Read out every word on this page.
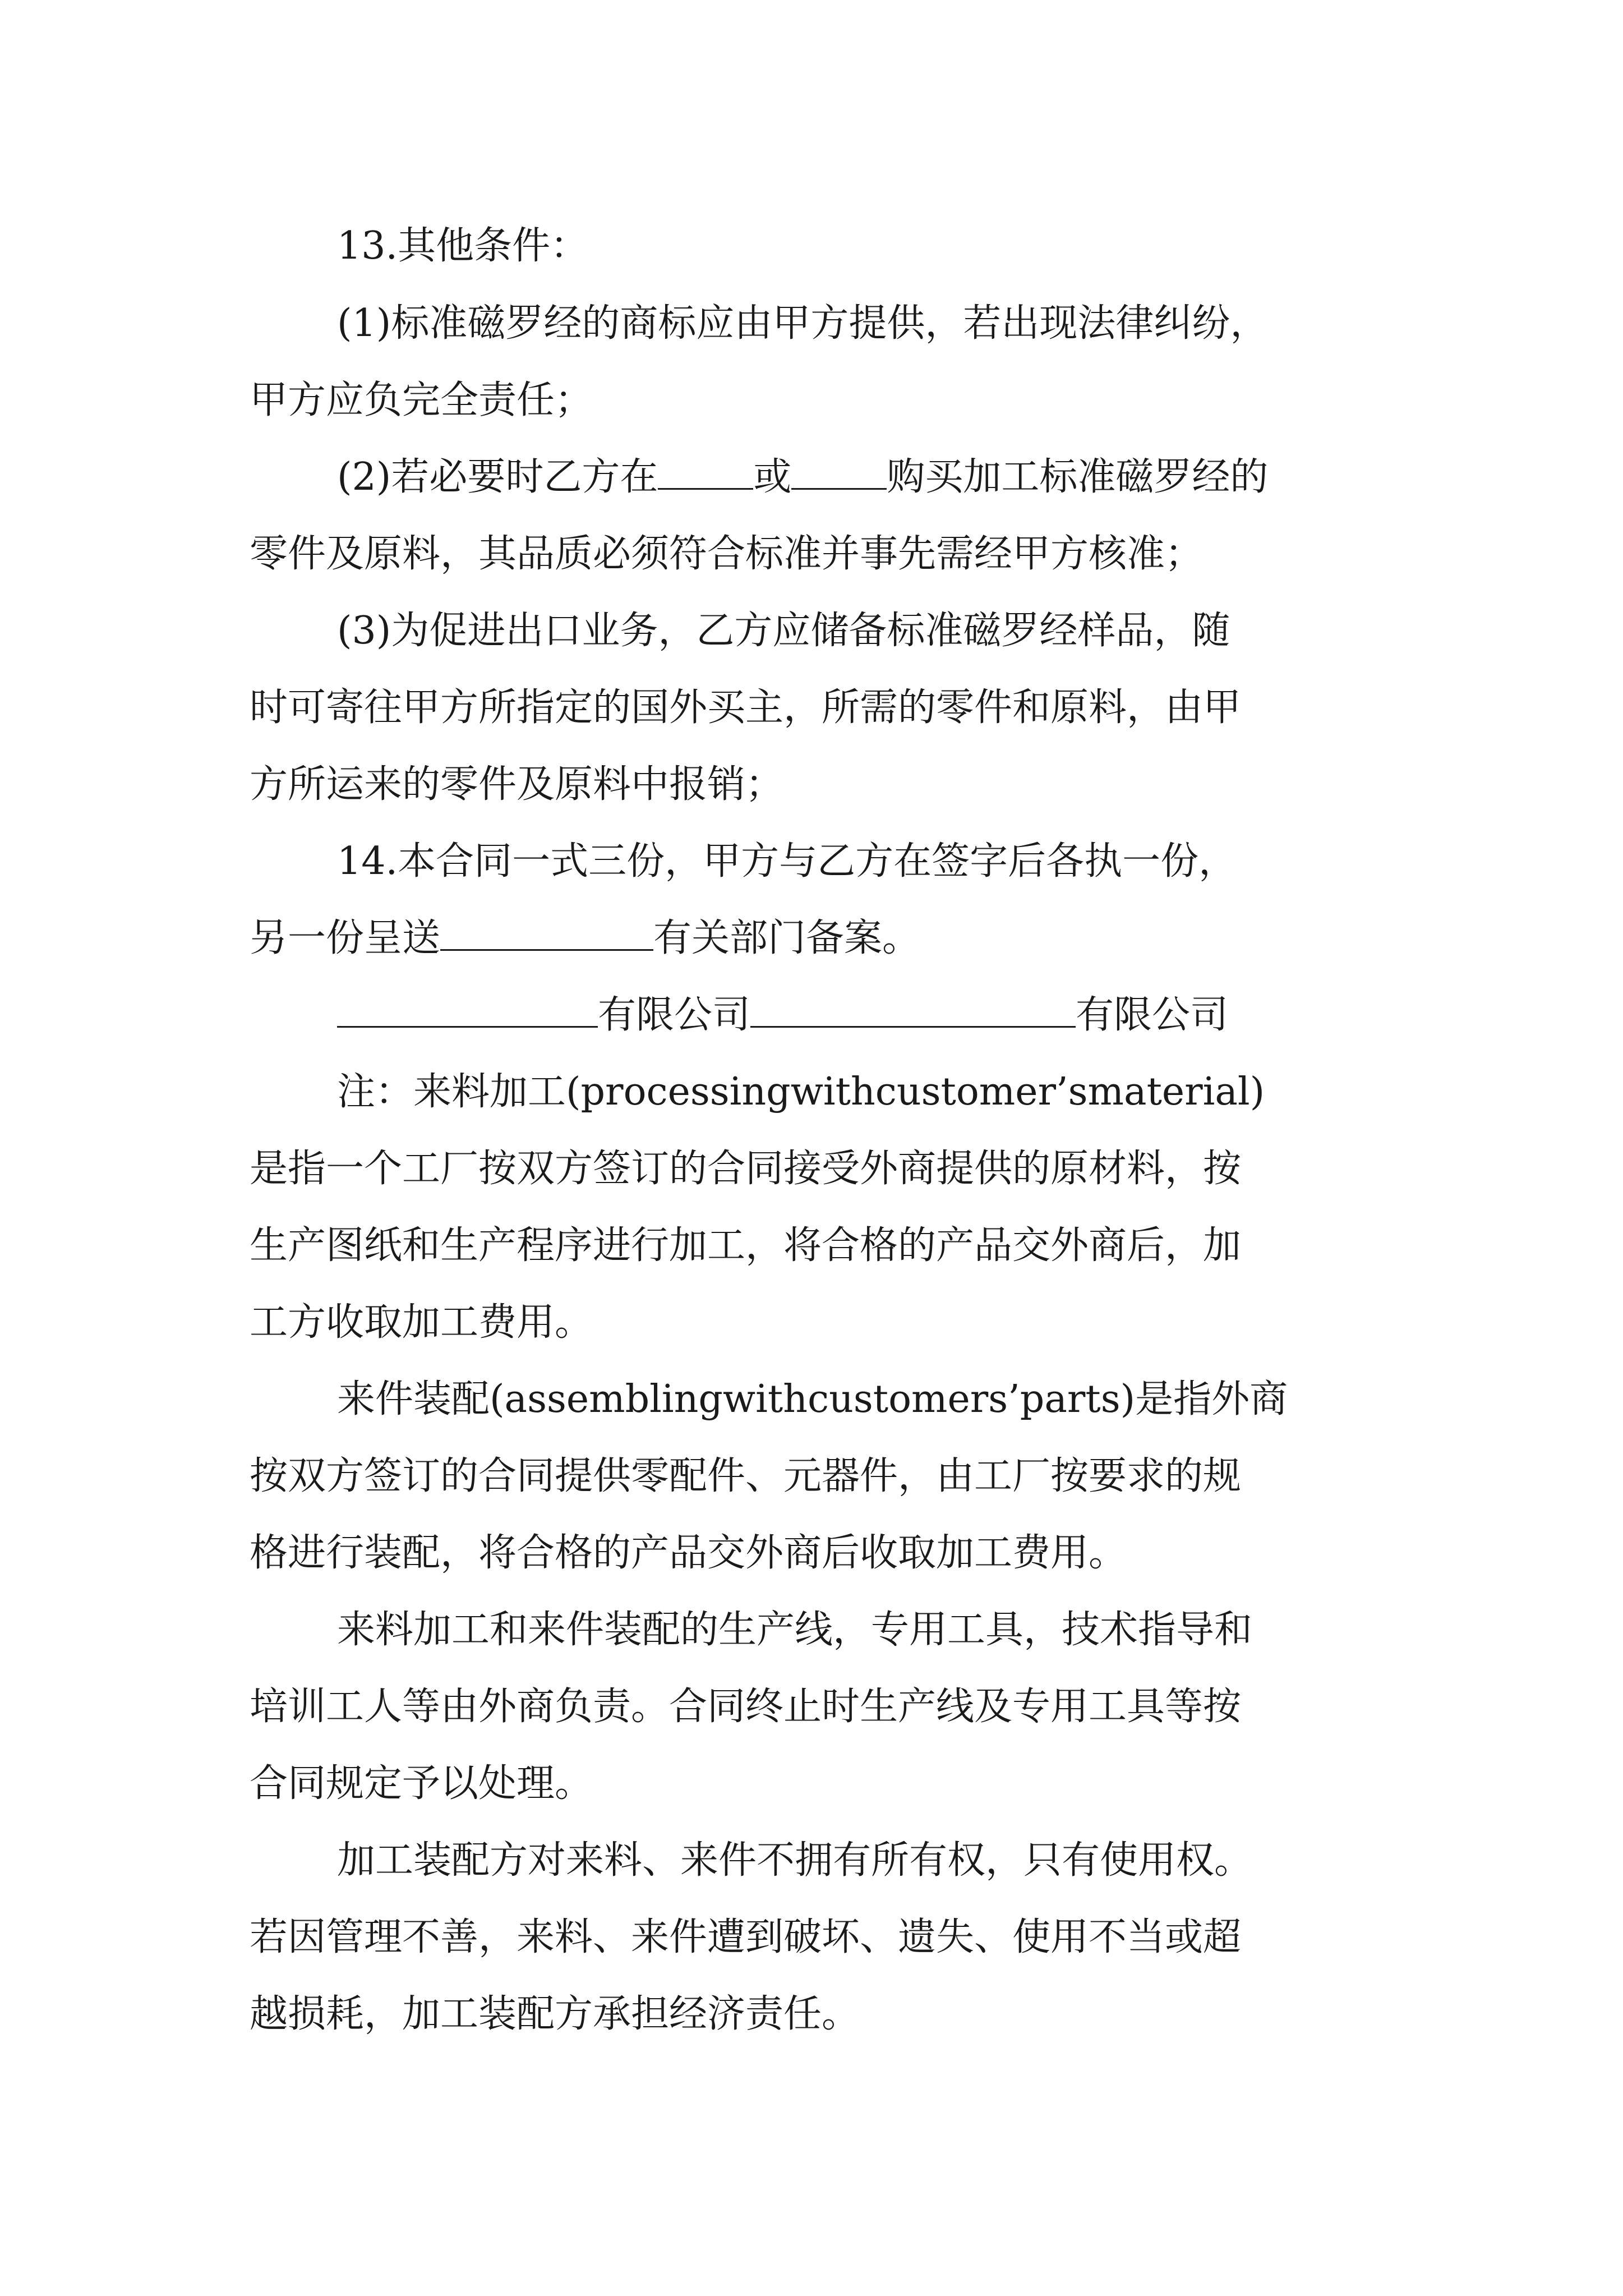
13.其他条件：
(1)标准磁罗经的商标应由甲方提供，若出现法律纠纷，
甲方应负完全责任；
(2)若必要时乙方在	或	购买加工标准磁罗经的
零件及原料，其品质必须符合标准并事先需经甲方核准；
(3)为促进出口业务，乙方应储备标准磁罗经样品，随
时可寄往甲方所指定的国外买主，所需的零件和原料，由甲
方所运来的零件及原料中报销；
14.本合同一式三份，甲方与乙方在签字后各执一份，
另一份呈送	有关部门备案。
有限公司	有限公司
注：来料加工(processingwithcustomer’smaterial)
是指一个工厂按双方签订的合同接受外商提供的原材料，按
生产图纸和生产程序进行加工，将合格的产品交外商后，加
工方收取加工费用。
来件装配(assemblingwithcustomers’parts)是指外商
按双方签订的合同提供零配件、元器件，由工厂按要求的规
格进行装配，将合格的产品交外商后收取加工费用。
来料加工和来件装配的生产线，专用工具，技术指导和
培训工人等由外商负责。合同终止时生产线及专用工具等按
合同规定予以处理。
加工装配方对来料、来件不拥有所有权，只有使用权。
若因管理不善，来料、来件遭到破坏、遗失、使用不当或超
越损耗，加工装配方承担经济责任。
